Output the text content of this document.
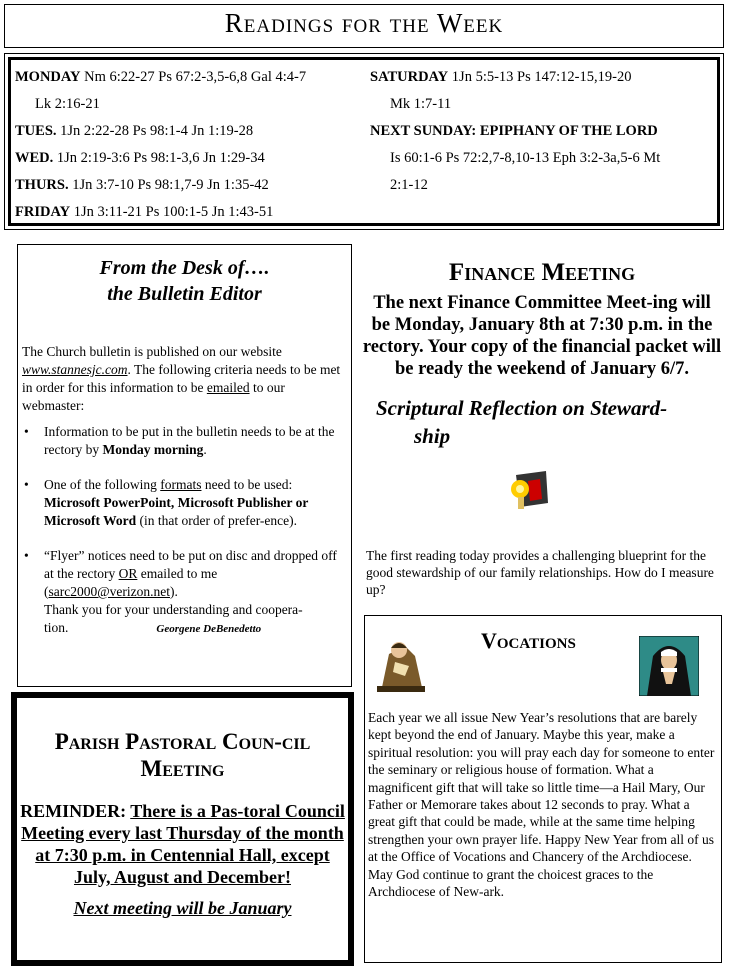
Readings for the Week

MONDAY Nm 6:22-27 Ps 67:2-3,5-6,8 Gal 4:4-7

Lk 2:16-21

TUES. 1Jn 2:22-28 Ps 98:1-4 Jn 1:19-28

WED. 1Jn 2:19-3:6 Ps 98:1-3,6 Jn 1:29-34

THURS. 1Jn 3:7-10 Ps 98:1,7-9 Jn 1:35-42

FRIDAY 1Jn 3:11-21 Ps 100:1-5 Jn 1:43-51

SATURDAY 1Jn 5:5-13 Ps 147:12-15,19-20

Mk 1:7-11

NEXT SUNDAY: EPIPHANY OF THE LORD

Is 60:1-6 Ps 72:2,7-8,10-13 Eph 3:2-3a,5-6 Mt

2:1-12

From the Desk of….
the Bulletin Editor

The Church bulletin is published on our website www.stannesjc.com. The following criteria needs to be met in order for this information to be emailed to our webmaster:

• Information to be put in the bulletin needs to be at the rectory by Monday morning.
• One of the following formats need to be used: Microsoft PowerPoint, Microsoft Publisher or Microsoft Word (in that order of prefer-ence).
• “Flyer” notices need to be put on disc and dropped off at the rectory OR emailed to me (sarc2000@verizon.net).
Thank you for your understanding and coopera-tion.	Georgene DeBenedetto
Finance Meeting

The next Finance Committee Meet-ing will be Monday, January 8th at 7:30 p.m. in the rectory. Your copy of the financial packet will be ready the weekend of January 6/7.

Scriptural Reflection on Steward-
ship
The first reading today provides a challenging blueprint for the good stewardship of our family relationships. How do I measure up?
Vocations
Each year we all issue New Year’s resolutions that are barely kept beyond the end of January. Maybe this year, make a spiritual resolution: you will pray each day for someone to enter the seminary or religious house of formation. What a magnificent gift that will take so little time—a Hail Mary, Our Father or Memorare takes about 12 seconds to pray. What a great gift that could be made, while at the same time helping strengthen your own prayer life. Happy New Year from all of us at the Office of Vocations and Chancery of the Archdiocese. May God continue to grant the choicest graces to the Archdiocese of New-ark.
Parish Pastoral Coun-cil Meeting

REMINDER: There is a Pas-toral Council Meeting every last Thursday of the month at 7:30 p.m. in Centennial Hall, except July, August and December!

Next meeting will be January
